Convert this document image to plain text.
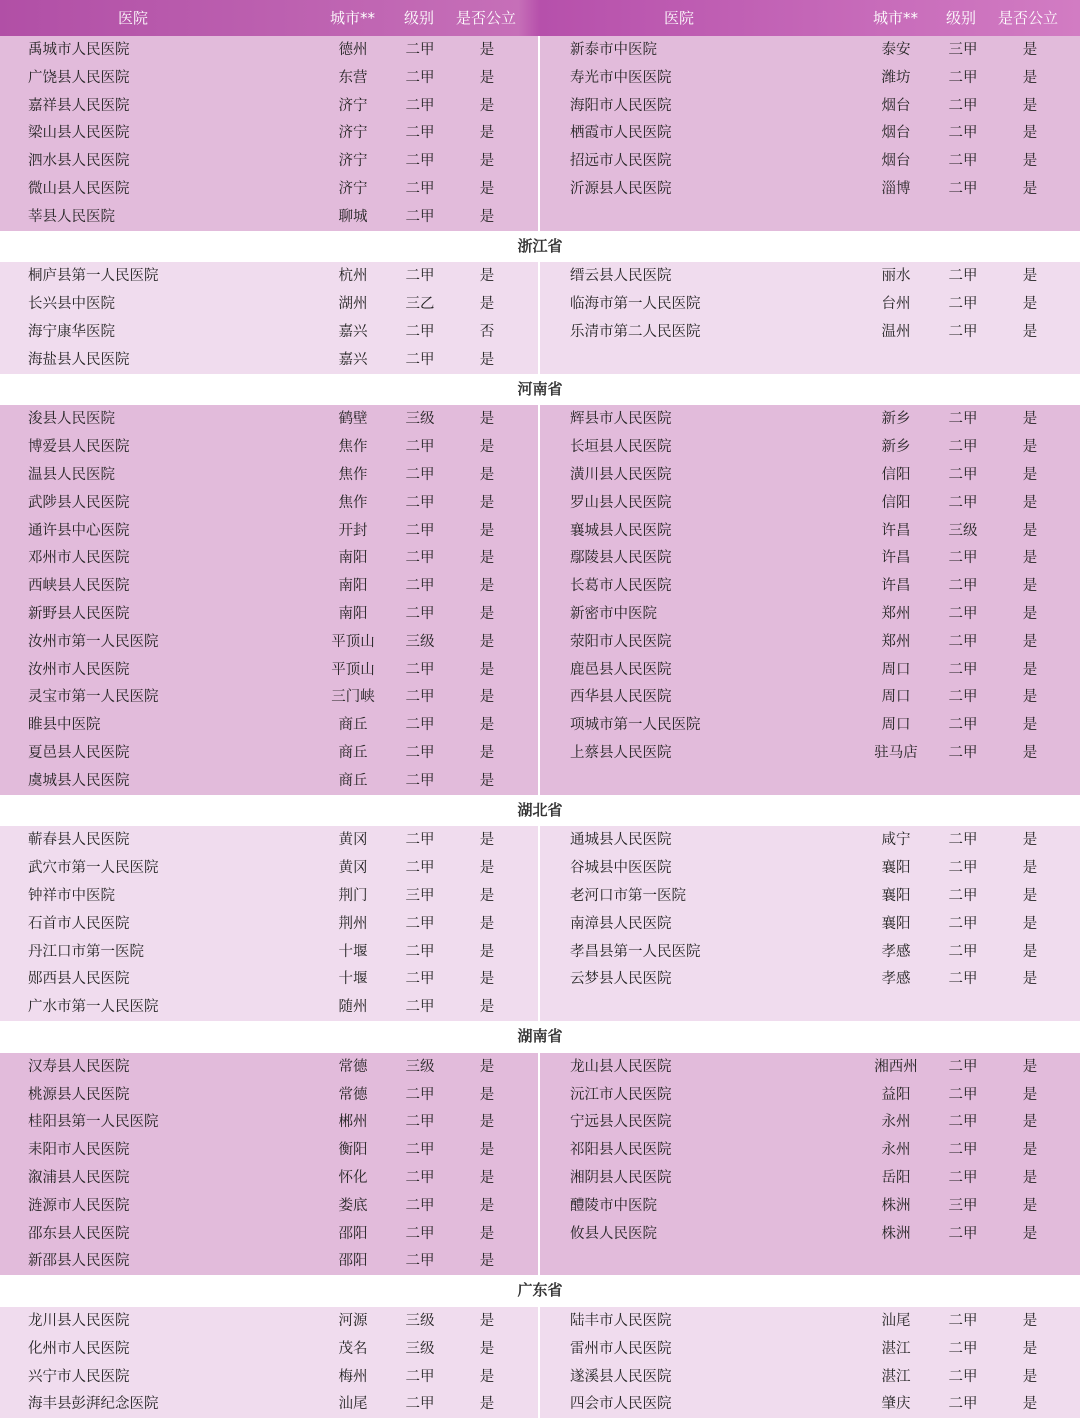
医院	城市** 级别 是否公立	医院	城市** 级别 是否公立
禹城市人民医院	德州	二甲	是	新泰市中医院	泰安	三甲	是
广饶县人民医院	东营	二甲	是	寿光市中医医院	潍坊	二甲	是
嘉祥县人民医院	济宁	二甲	是	海阳市人民医院	烟台	二甲	是
梁山县人民医院	济宁	二甲	是	栖霞市人民医院	烟台	二甲	是
泗水县人民医院	济宁	二甲	是	招远市人民医院	烟台	二甲	是
微山县人民医院	济宁	二甲	是	沂源县人民医院	淄博	二甲	是
莘县人民医院	聊城	二甲	是
浙江省
桐庐县第一人民医院	杭州	二甲	是	缙云县人民医院	丽水	二甲	是
长兴县中医院	湖州	三乙	是	临海市第一人民医院	台州	二甲	是
海宁康华医院	嘉兴	二甲	否	乐清市第二人民医院	温州	二甲	是
海盐县人民医院	嘉兴	二甲	是
河南省
浚县人民医院	鹤壁	三级	是	辉县市人民医院	新乡	二甲	是
博爱县人民医院	焦作	二甲	是	长垣县人民医院	新乡	二甲	是
温县人民医院	焦作	二甲	是	潢川县人民医院	信阳	二甲	是
武陟县人民医院	焦作	二甲	是	罗山县人民医院	信阳	二甲	是
通许县中心医院	开封	二甲	是	襄城县人民医院	许昌	三级	是
邓州市人民医院	南阳	二甲	是	鄢陵县人民医院	许昌	二甲	是
西峡县人民医院	南阳	二甲	是	长葛市人民医院	许昌	二甲	是
新野县人民医院	南阳	二甲	是	新密市中医院	郑州	二甲	是
汝州市第一人民医院	平顶山	三级	是	荥阳市人民医院	郑州	二甲	是
汝州市人民医院	平顶山	二甲	是	鹿邑县人民医院	周口	二甲	是
灵宝市第一人民医院	三门峡	二甲	是	西华县人民医院	周口	二甲	是
睢县中医院	商丘	二甲	是	项城市第一人民医院	周口	二甲	是
夏邑县人民医院	商丘	二甲	是	上蔡县人民医院	驻马店	二甲	是
虞城县人民医院	商丘	二甲	是
湖北省
蕲春县人民医院	黄冈	二甲	是	通城县人民医院	咸宁	二甲	是
武穴市第一人民医院	黄冈	二甲	是	谷城县中医医院	襄阳	二甲	是
钟祥市中医院	荆门	三甲	是	老河口市第一医院	襄阳	二甲	是
石首市人民医院	荆州	二甲	是	南漳县人民医院	襄阳	二甲	是
丹江口市第一医院	十堰	二甲	是	孝昌县第一人民医院	孝感	二甲	是
郧西县人民医院	十堰	二甲	是	云梦县人民医院	孝感	二甲	是
广水市第一人民医院	随州	二甲	是
湖南省
汉寿县人民医院	常德	三级	是	龙山县人民医院	湘西州	二甲	是
桃源县人民医院	常德	二甲	是	沅江市人民医院	益阳	二甲	是
桂阳县第一人民医院	郴州	二甲	是	宁远县人民医院	永州	二甲	是
耒阳市人民医院	衡阳	二甲	是	祁阳县人民医院	永州	二甲	是
溆浦县人民医院	怀化	二甲	是	湘阴县人民医院	岳阳	二甲	是
涟源市人民医院	娄底	二甲	是	醴陵市中医院	株洲	三甲	是
邵东县人民医院	邵阳	二甲	是	攸县人民医院	株洲	二甲	是
新邵县人民医院	邵阳	二甲	是
广东省
龙川县人民医院	河源	三级	是	陆丰市人民医院	汕尾	二甲	是
化州市人民医院	茂名	三级	是	雷州市人民医院	湛江	二甲	是
兴宁市人民医院	梅州	二甲	是	遂溪县人民医院	湛江	二甲	是
海丰县彭湃纪念医院	汕尾	二甲	是	四会市人民医院	肇庆	二甲	是
